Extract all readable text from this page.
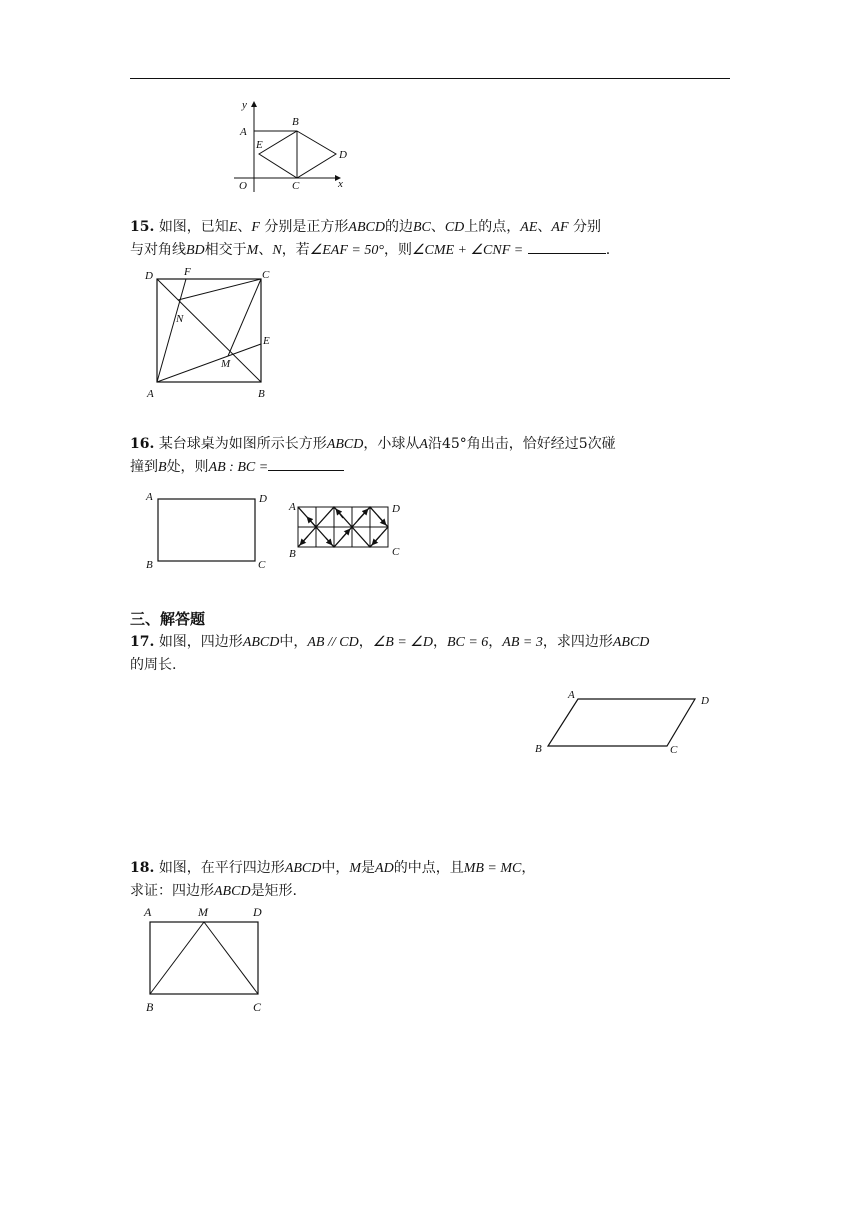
y
A
B
E
D
O	C	x

15. 如图，已知E、F 分别是正方形ABCD的边BC、CD上的点，AE、AF 分别
与对角线BD相交于M、N，若∠EAF = 50°，则∠CME + ∠CNF =	.

D	F	C
N
E
M
A	B

16. 某台球桌为如图所示长方形ABCD，小球从A沿45°角出击，恰好经过5次碰
撞到B处，则AB : BC =

A	D
B	C
A	D
B	C

三、解答题

17. 如图，四边形ABCD中，AB // CD，∠B = ∠D，BC = 6，AB = 3，求四边形ABCD
的周长.

A	D
B	C

18. 如图，在平行四边形ABCD中，M是AD的中点，且MB = MC，
求证：四边形ABCD是矩形.

A	M	D
B	C
